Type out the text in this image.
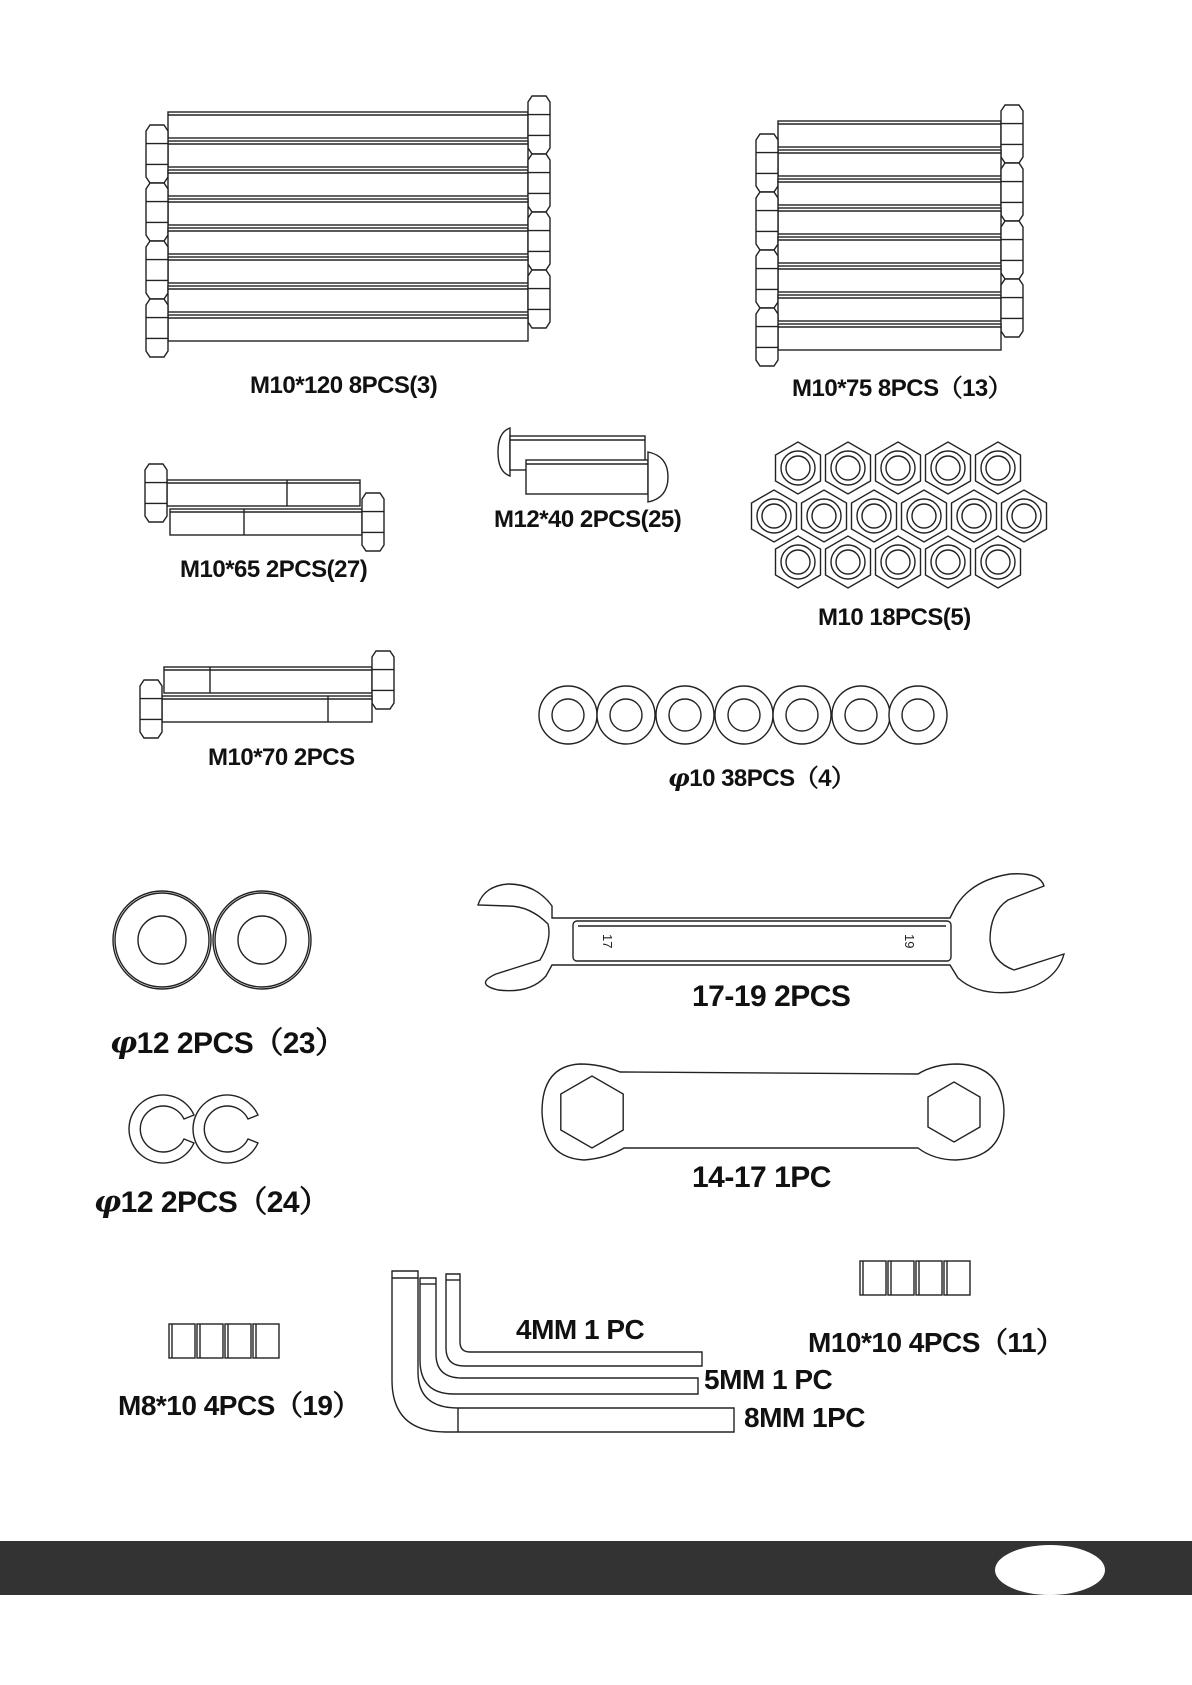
17	19
M10*120 8PCS(3)	M10*75 8PCS（13）
M10*65 2PCS(27)
M12*40 2PCS(25)
M10 18PCS(5)
M10*70 2PCS
φ10 38PCS（4）
φ12 2PCS（23）
φ12 2PCS（24）
17-19 2PCS
14-17 1PC
M8*10 4PCS（19）
M10*10 4PCS（11）
4MM 1 PC
5MM 1 PC
8MM 1PC
